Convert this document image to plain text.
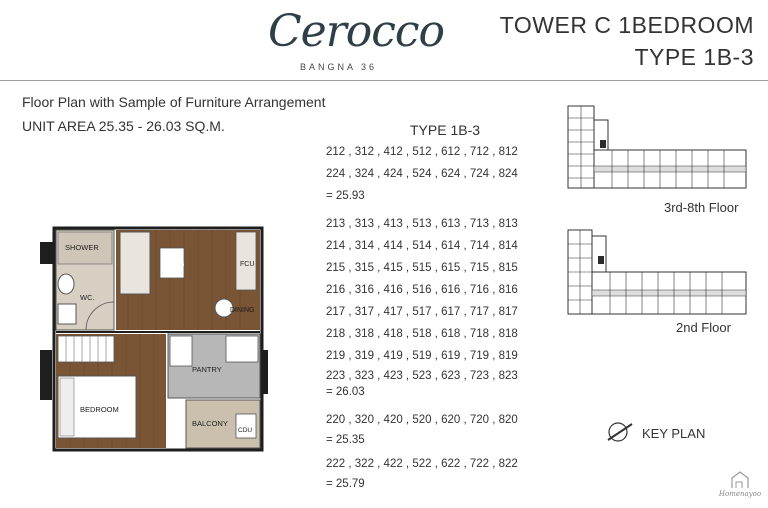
Cerocco
BANGNA 36
TOWER C 1BEDROOM
TYPE 1B-3
Floor Plan with Sample of Furniture Arrangement
UNIT AREA 25.35 - 26.03 SQ.M.	TYPE 1B-3
212 , 312 , 412 , 512 , 612 , 712 , 812
224 , 324 , 424 , 524 , 624 , 724 , 824
= 25.93
213 , 313 , 413 , 513 , 613 , 713 , 813
214 , 314 , 414 , 514 , 614 , 714 , 814
215 , 315 , 415 , 515 , 615 , 715 , 815
216 , 316 , 416 , 516 , 616 , 716 , 816
217 , 317 , 417 , 517 , 617 , 717 , 817
218 , 318 , 418 , 518 , 618 , 718 , 818
219 , 319 , 419 , 519 , 619 , 719 , 819
223 , 323 , 423 , 523 , 623 , 723 , 823
= 26.03
220 , 320 , 420 , 520 , 620 , 720 , 820
= 25.35
222 , 322 , 422 , 522 , 622 , 722 , 822
= 25.79
SHOWER
WC.
LIVING	FCU
DINING
PANTRY
BEDROOM	FCU
BALCONY
CDU
3rd-8th Floor
2nd Floor
KEY PLAN
Homenayoo
